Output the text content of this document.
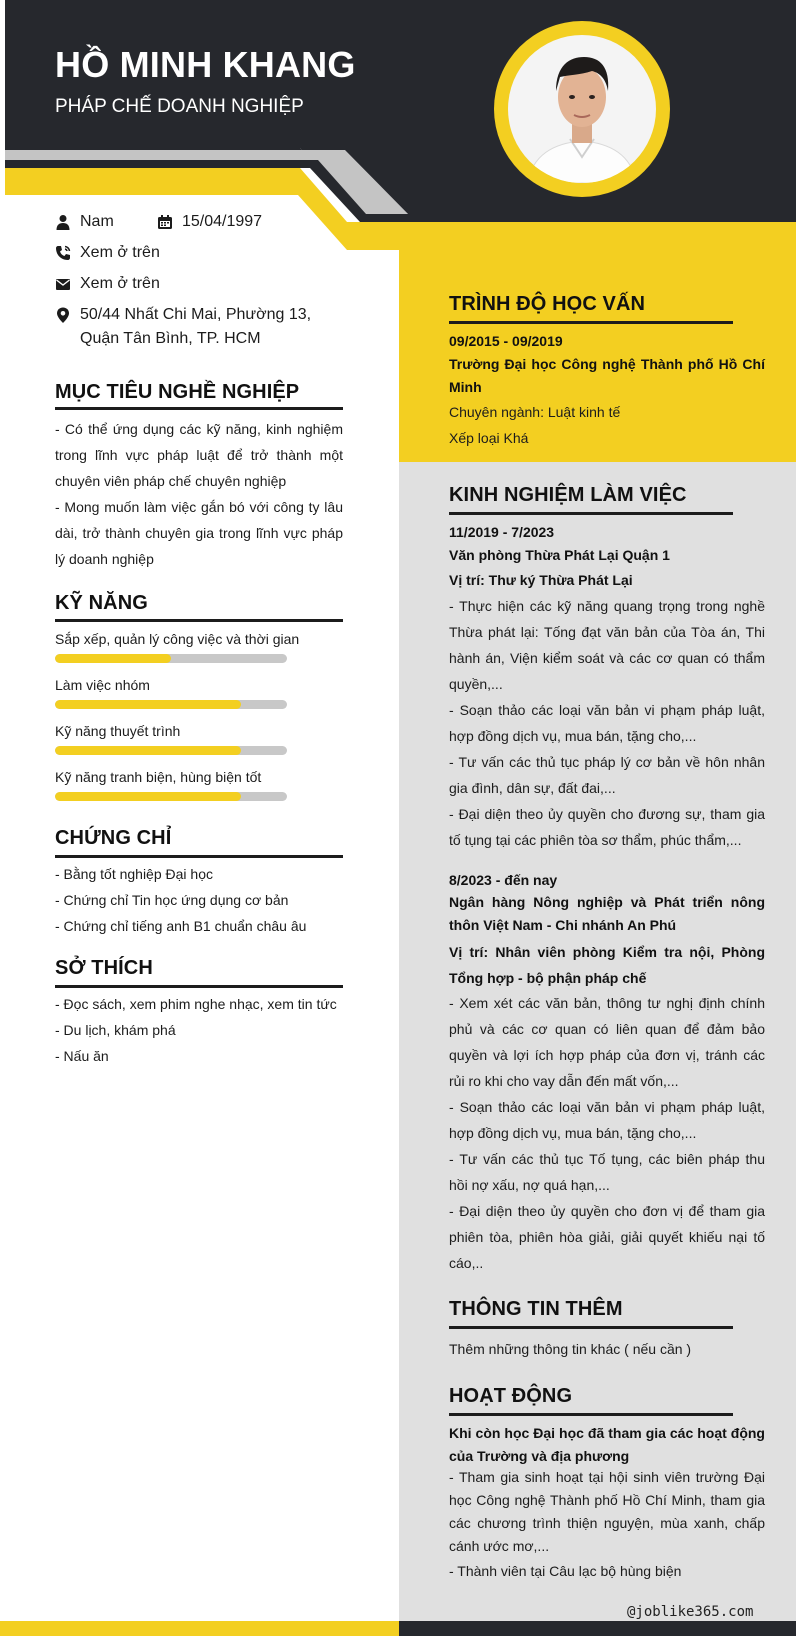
HỒ MINH KHANG
PHÁP CHẾ DOANH NGHIỆP
Nam	15/04/1997
Xem ở trên
Xem ở trên
50/44 Nhất Chi Mai, Phường 13,
Quận Tân Bình, TP. HCM
MỤC TIÊU NGHỀ NGHIỆP
- Có thể ứng dụng các kỹ năng, kinh nghiệm trong lĩnh vực pháp luật để trở thành một chuyên viên pháp chế chuyên nghiệp
- Mong muốn làm việc gắn bó với công ty lâu dài, trở thành chuyên gia trong lĩnh vực pháp lý doanh nghiệp
KỸ NĂNG
Sắp xếp, quản lý công việc và thời gian
Làm việc nhóm
Kỹ năng thuyết trình
Kỹ năng tranh biện, hùng biện tốt
CHỨNG CHỈ
- Bằng tốt nghiệp Đại học
- Chứng chỉ Tin học ứng dụng cơ bản
- Chứng chỉ tiếng anh B1 chuẩn châu âu
SỞ THÍCH
- Đọc sách, xem phim nghe nhạc, xem tin tức
- Du lịch, khám phá
- Nấu ăn
TRÌNH ĐỘ HỌC VẤN
09/2015 - 09/2019
Trường Đại học Công nghệ Thành phố Hồ Chí Minh
Chuyên ngành: Luật kinh tế
Xếp loại Khá
KINH NGHIỆM LÀM VIỆC
11/2019 - 7/2023
Văn phòng Thừa Phát Lại Quận 1
Vị trí: Thư ký Thừa Phát Lại
- Thực hiện các kỹ năng quang trọng trong nghề Thừa phát lại: Tống đạt văn bản của Tòa án, Thi hành án, Viện kiểm soát và các cơ quan có thẩm quyền,...
- Soạn thảo các loại văn bản vi phạm pháp luật, hợp đồng dịch vụ, mua bán, tặng cho,...
- Tư vấn các thủ tục pháp lý cơ bản về hôn nhân gia đình, dân sự, đất đai,...
- Đại diện theo ủy quyền cho đương sự, tham gia tố tụng tại các phiên tòa sơ thẩm, phúc thẩm,...
8/2023 - đến nay
Ngân hàng Nông nghiệp và Phát triển nông thôn Việt Nam - Chi nhánh An Phú
Vị trí: Nhân viên phòng Kiểm tra nội, Phòng Tổng hợp - bộ phận pháp chế
- Xem xét các văn bản, thông tư nghị định chính phủ và các cơ quan có liên quan để đảm bảo quyền và lợi ích hợp pháp của đơn vị, tránh các rủi ro khi cho vay dẫn đến mất vốn,...
- Soạn thảo các loại văn bản vi phạm pháp luật, hợp đồng dịch vụ, mua bán, tặng cho,...
- Tư vấn các thủ tục Tố tụng, các biên pháp thu hồi nợ xấu, nợ quá hạn,...
- Đại diện theo ủy quyền cho đơn vị để tham gia phiên tòa, phiên hòa giải, giải quyết khiếu nại tố cáo,..
THÔNG TIN THÊM
Thêm những thông tin khác ( nếu cần )
HOẠT ĐỘNG
Khi còn học Đại học đã tham gia các hoạt động của Trường và địa phương
- Tham gia sinh hoạt tại hội sinh viên trường Đại học Công nghệ Thành phố Hồ Chí Minh, tham gia các chương trình thiện nguyện, mùa xanh, chấp cánh ước mơ,...
- Thành viên tại Câu lạc bộ hùng biện
@joblike365.com
